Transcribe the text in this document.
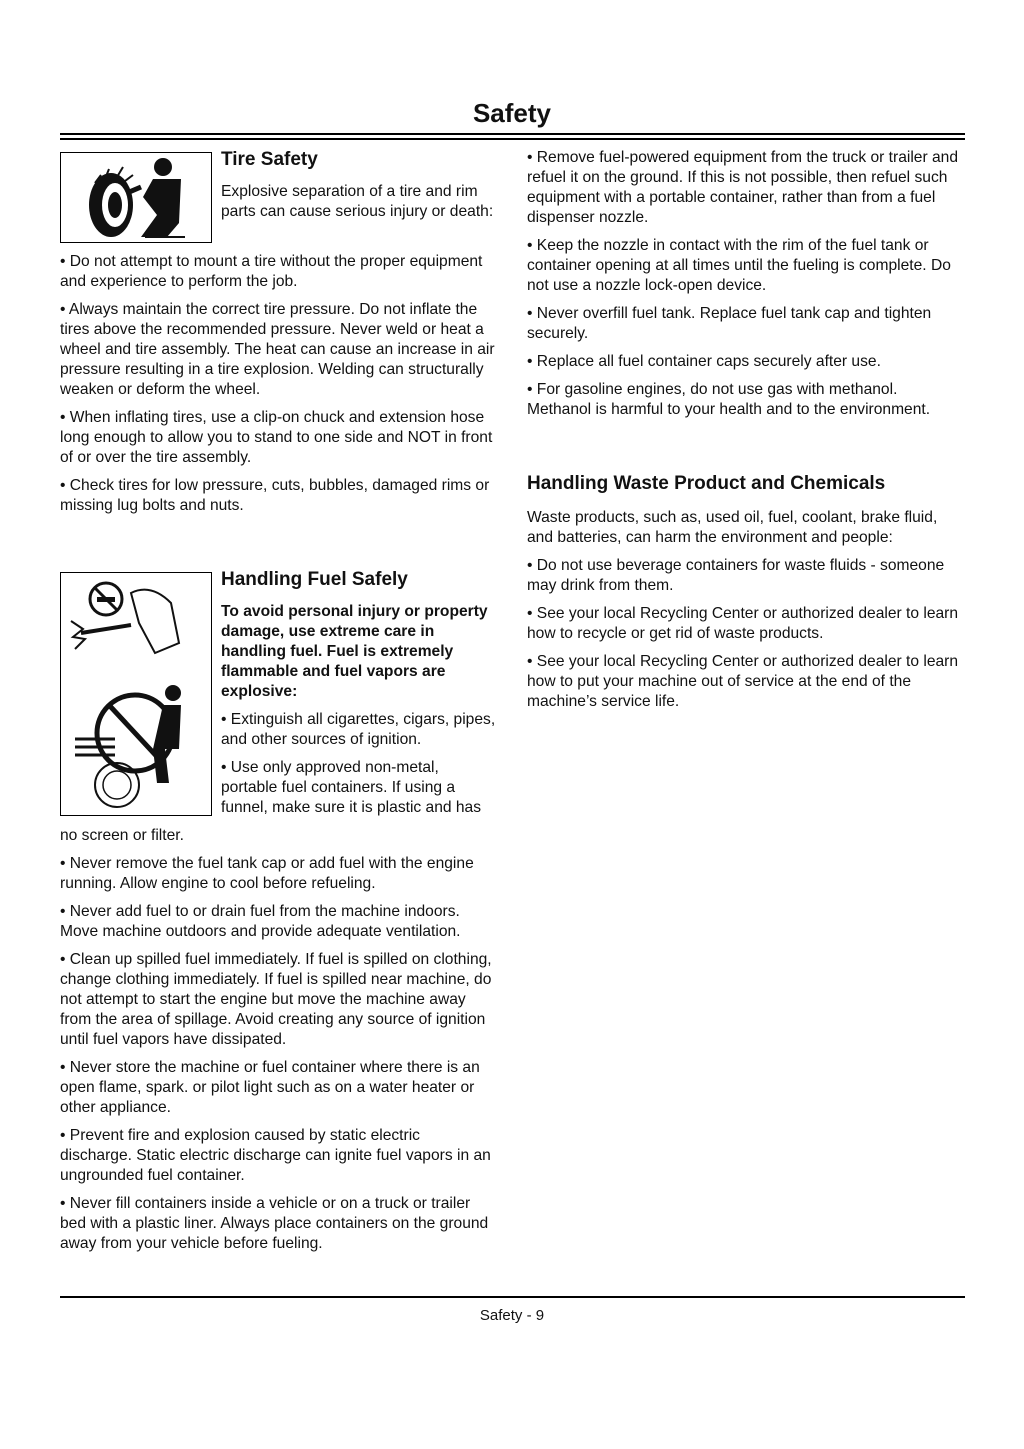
Safety
Tire Safety

Explosive separation of a tire and rim parts can cause serious injury or death:

• Do not attempt to mount a tire without the proper equipment and experience to perform the job.

• Always maintain the correct tire pressure. Do not inflate the tires above the recommended pressure. Never weld or heat a wheel and tire assembly. The heat can cause an increase in air pressure resulting in a tire explosion. Welding can structurally weaken or deform the wheel.

• When inflating tires, use a clip-on chuck and extension hose long enough to allow you to stand to one side and NOT in front of or over the tire assembly.

• Check tires for low pressure, cuts, bubbles, damaged rims or missing lug bolts and nuts.

Handling Fuel Safely

To avoid personal injury or property damage, use extreme care in handling fuel. Fuel is extremely flammable and fuel vapors are explosive:

• Extinguish all cigarettes, cigars, pipes, and other sources of ignition.

• Use only approved non-metal, portable fuel containers. If using a funnel, make sure it is plastic and has

no screen or filter.

• Never remove the fuel tank cap or add fuel with the engine running. Allow engine to cool before refueling.

• Never add fuel to or drain fuel from the machine indoors. Move machine outdoors and provide adequate ventilation.

• Clean up spilled fuel immediately. If fuel is spilled on clothing, change clothing immediately. If fuel is spilled near machine, do not attempt to start the engine but move the machine away from the area of spillage. Avoid creating any source of ignition until fuel vapors have dissipated.

• Never store the machine or fuel container where there is an open flame, spark. or pilot light such as on a water heater or other appliance.

• Prevent fire and explosion caused by static electric discharge. Static electric discharge can ignite fuel vapors in an ungrounded fuel container.

• Never fill containers inside a vehicle or on a truck or trailer bed with a plastic liner. Always place containers on the ground away from your vehicle before fueling.

• Remove fuel-powered equipment from the truck or trailer and refuel it on the ground. If this is not possible, then refuel such equipment with a portable container, rather than from a fuel dispenser nozzle.

• Keep the nozzle in contact with the rim of the fuel tank or container opening at all times until the fueling is complete. Do not use a nozzle lock-open device.

• Never overfill fuel tank. Replace fuel tank cap and tighten securely.

• Replace all fuel container caps securely after use.

• For gasoline engines, do not use gas with methanol. Methanol is harmful to your health and to the environment.

Handling Waste Product and Chemicals

Waste products, such as, used oil, fuel, coolant, brake fluid, and batteries, can harm the environment and people:

• Do not use beverage containers for waste fluids - someone may drink from them.

• See your local Recycling Center or authorized dealer to learn how to recycle or get rid of waste products.

• See your local Recycling Center or authorized dealer to learn how to put your machine out of service at the end of the machine’s service life.

Safety - 9
